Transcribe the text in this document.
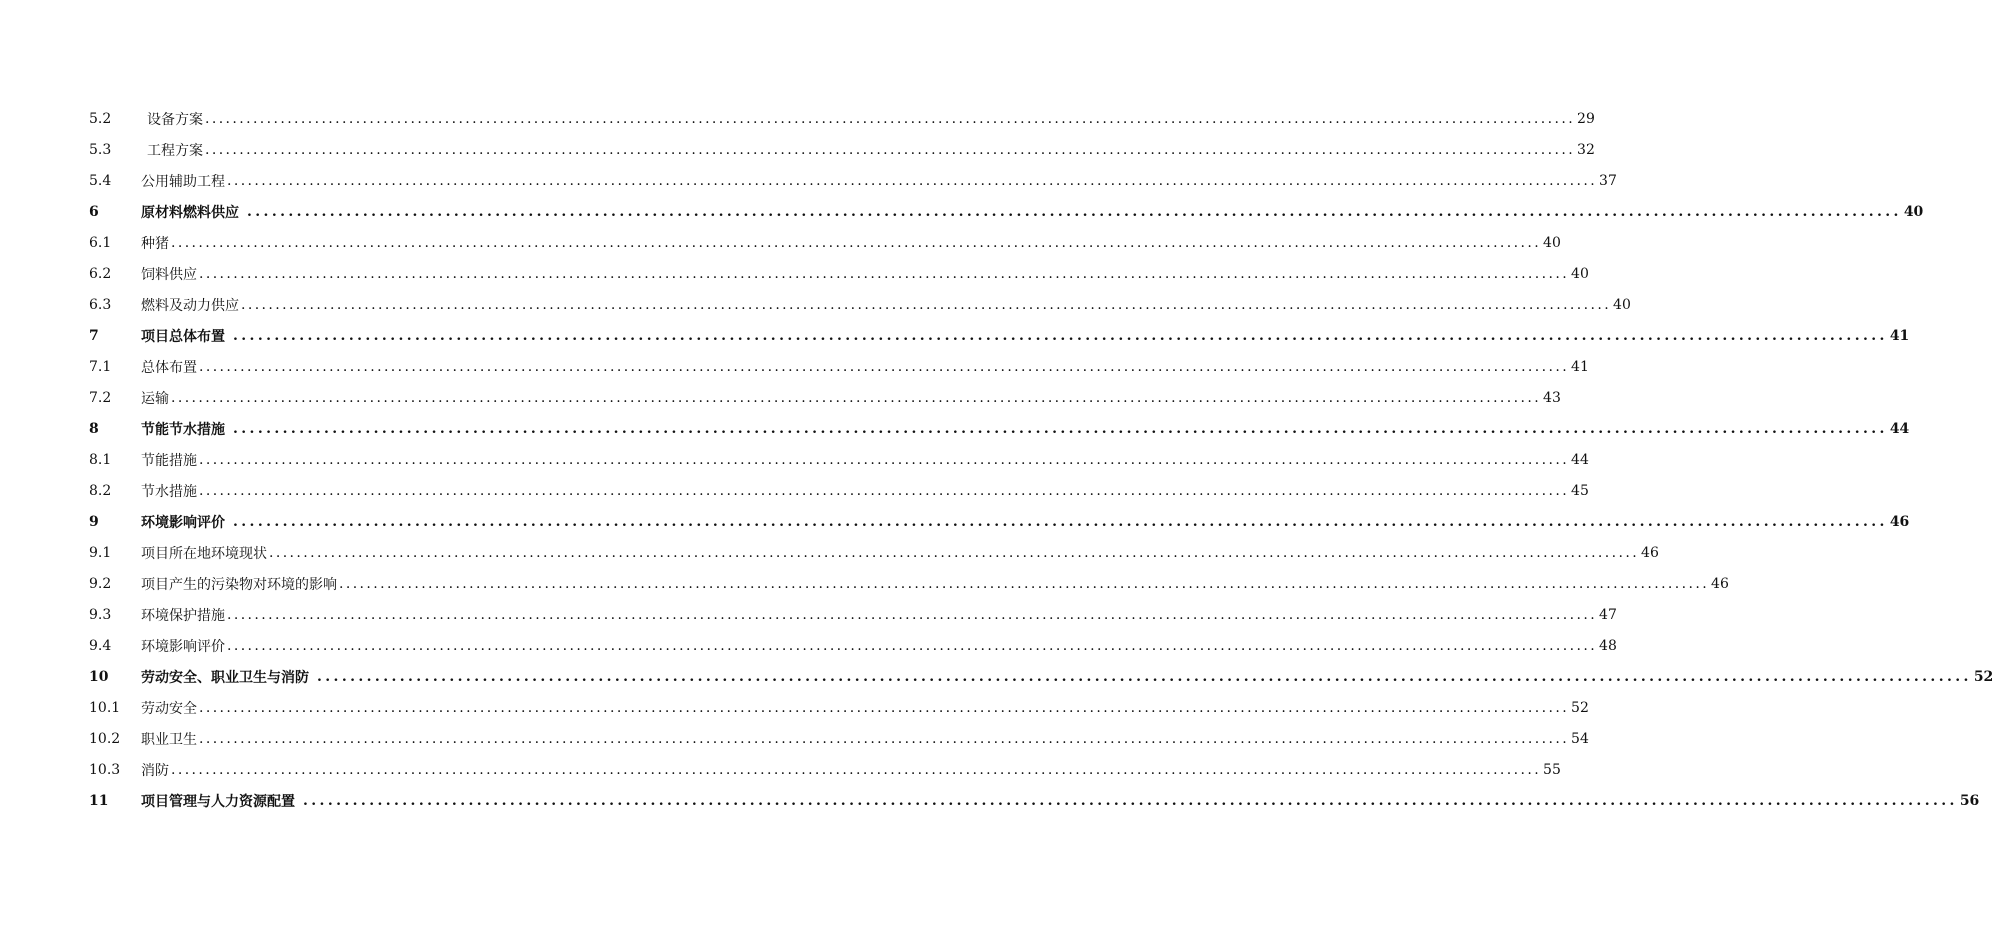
5.2	设备方案 ........................................................................................................................................................................................................ 29
5.3	工程方案 ........................................................................................................................................................................................................ 32
5.4	公用辅助工程 ........................................................................................................................................................................................................ 37
6	原材料燃料供应 ........................................................................................................................................................................................................ 40
6.1	种猪 ........................................................................................................................................................................................................ 40
6.2	饲料供应 ........................................................................................................................................................................................................ 40
6.3	燃料及动力供应 ........................................................................................................................................................................................................ 40
7	项目总体布置 ........................................................................................................................................................................................................ 41
7.1	总体布置 ........................................................................................................................................................................................................ 41
7.2	运输 ........................................................................................................................................................................................................ 43
8	节能节水措施 ........................................................................................................................................................................................................ 44
8.1	节能措施 ........................................................................................................................................................................................................ 44
8.2	节水措施 ........................................................................................................................................................................................................ 45
9	环境影响评价 ........................................................................................................................................................................................................ 46
9.1	项目所在地环境现状 ........................................................................................................................................................................................................ 46
9.2	项目产生的污染物对环境的影响 ........................................................................................................................................................................................................ 46
9.3	环境保护措施 ........................................................................................................................................................................................................ 47
9.4	环境影响评价 ........................................................................................................................................................................................................ 48
10	劳动安全、职业卫生与消防 ........................................................................................................................................................................................................ 52
10.1	劳动安全 ........................................................................................................................................................................................................ 52
10.2	职业卫生 ........................................................................................................................................................................................................ 54
10.3	消防 ........................................................................................................................................................................................................ 55
11	项目管理与人力资源配置 ........................................................................................................................................................................................................ 56
